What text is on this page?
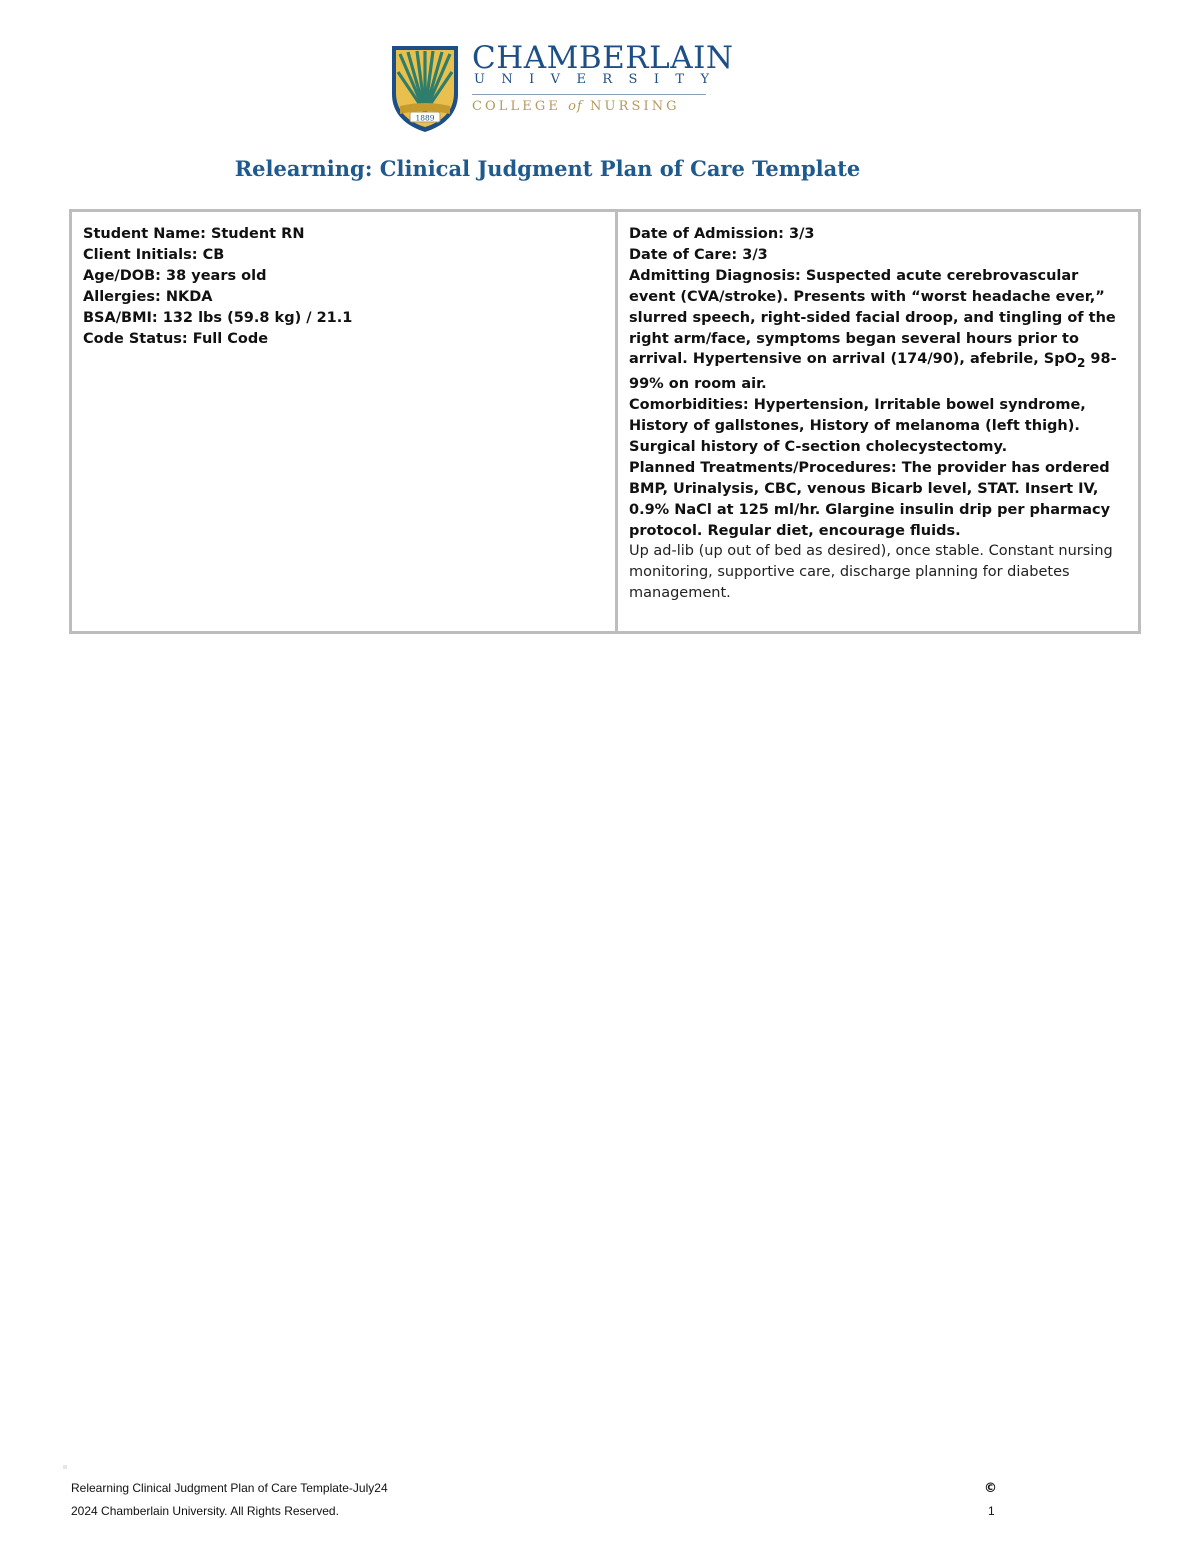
1889
CHAMBERLAIN
UNIVERSITY
COLLEGE of NURSING
Relearning: Clinical Judgment Plan of Care Template
Student Name : Student RN
Client Initials : CB
Age/DOB : 38 years old
Allergies : NKDA
BSA/BMI : 132 lbs (59.8 kg) / 21.1
Code Status : Full Code
Date of Admission : 3/3
Date of Care : 3/3
Admitting Diagnosis : Suspected acute cerebrovascular event (CVA/stroke). Presents with “worst headache ever,” slurred speech, right-sided facial droop, and tingling of the right arm/face, symptoms began several hours prior to arrival. Hypertensive on arrival (174/90), afebrile, SpO$_2$ 98-99% on room air.
Comorbidities : Hypertension, Irritable bowel syndrome, History of gallstones, History of melanoma (left thigh). Surgical history of C-section cholecystectomy.
Planned Treatments/Procedures : The provider has ordered BMP, Urinalysis, CBC, venous Bicarb level, STAT. Insert IV, 0.9% NaCl at 125 ml/hr. Glargine insulin drip per pharmacy protocol. Regular diet, encourage fluids.
Up ad-lib (up out of bed as desired), once stable. Constant nursing monitoring, supportive care, discharge planning for diabetes management.
Relearning Clinical Judgment Plan of Care Template-July24
2024 Chamberlain University. All Rights Reserved.
©
1
